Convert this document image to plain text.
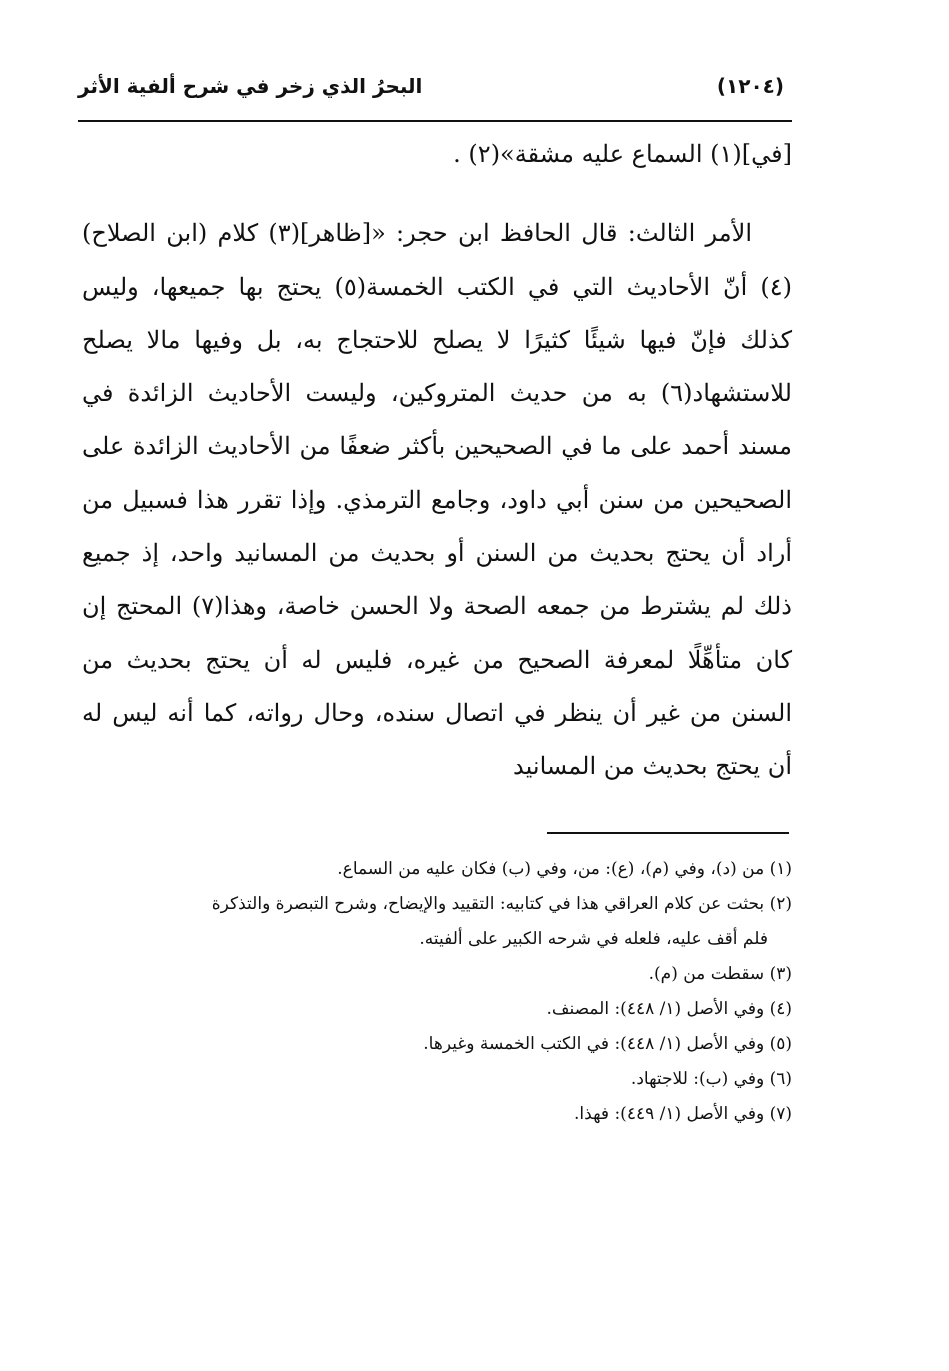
البحرُ الذي زخر في شرح ألفية الأثر	(١٢٠٤)

[في](١) السماع عليه مشقة»(٢) .

الأمر الثالث: قال الحافظ ابن حجر: «[ظاهر](٣) كلام (ابن الصلاح)(٤) أنّ الأحاديث التي في الكتب الخمسة(٥) يحتج بها جميعها، وليس كذلك فإنّ فيها شيئًا كثيرًا لا يصلح للاحتجاج به، بل وفيها مالا يصلح للاستشهاد(٦) به من حديث المتروكين، وليست الأحاديث الزائدة في مسند أحمد على ما في الصحيحين بأكثر ضعفًا من الأحاديث الزائدة على الصحيحين من سنن أبي داود، وجامع الترمذي. وإذا تقرر هذا فسبيل من أراد أن يحتج بحديث من السنن أو بحديث من المسانيد واحد، إذ جميع ذلك لم يشترط من جمعه الصحة ولا الحسن خاصة، وهذا(٧) المحتج إن كان متأهِّلًا لمعرفة الصحيح من غيره، فليس له أن يحتج بحديث من السنن من غير أن ينظر في اتصال سنده، وحال رواته، كما أنه ليس له أن يحتج بحديث من المسانيد

(١) من (د)، وفي (م)، (ع): من، وفي (ب) فكان عليه من السماع.

(٢) بحثت عن كلام العراقي هذا في كتابيه: التقييد والإيضاح، وشرح التبصرة والتذكرة

فلم أقف عليه، فلعله في شرحه الكبير على ألفيته.

(٣) سقطت من (م).

(٤) وفي الأصل (١/ ٤٤٨): المصنف.

(٥) وفي الأصل (١/ ٤٤٨): في الكتب الخمسة وغيرها.

(٦) وفي (ب): للاجتهاد.

(٧) وفي الأصل (١/ ٤٤٩): فهذا.
